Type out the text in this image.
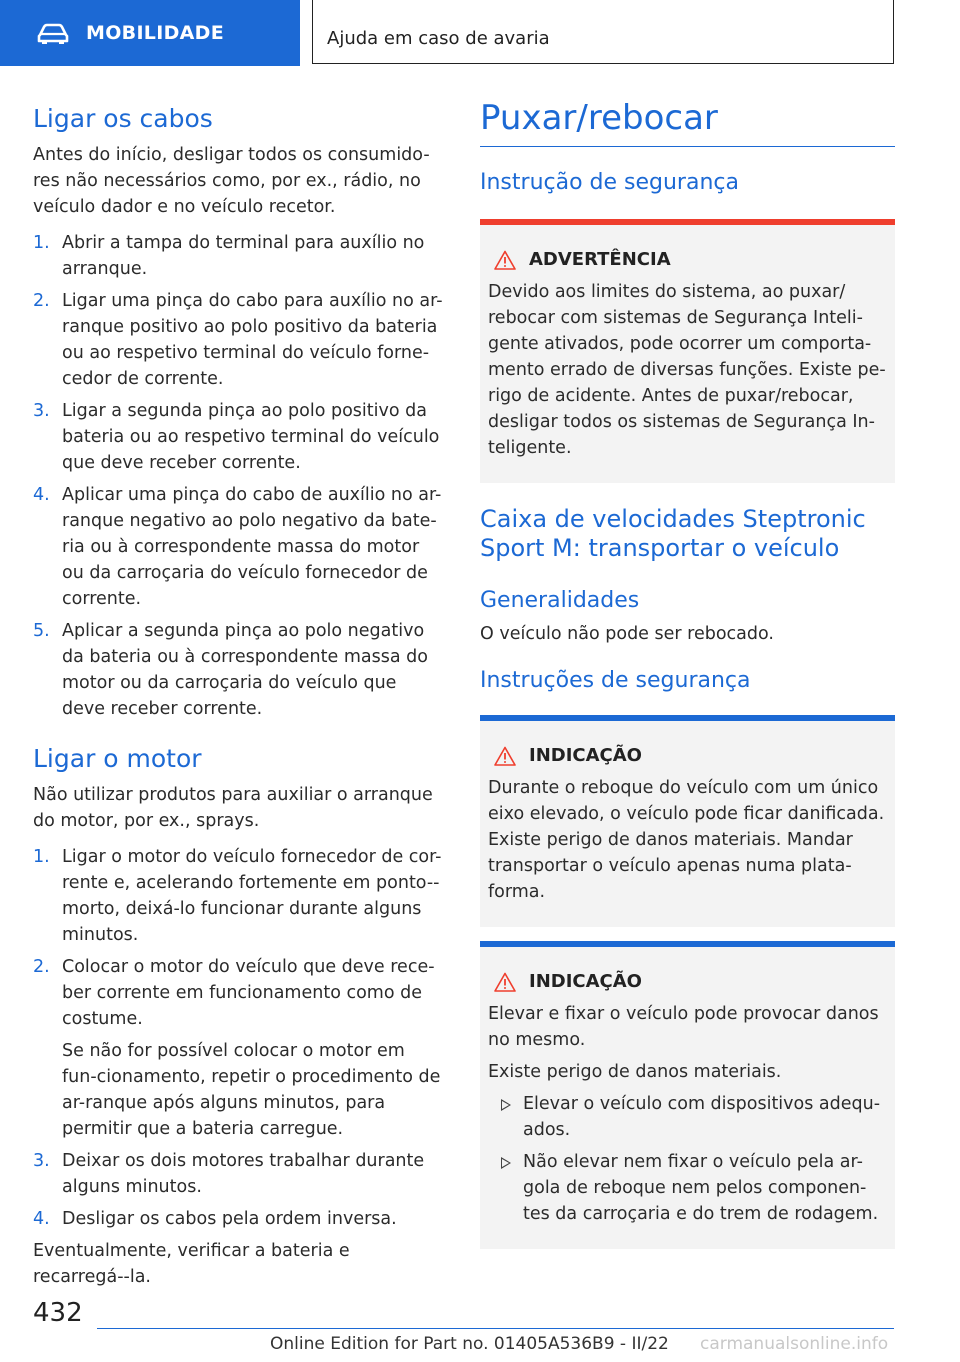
MOBILIDADE	Ajuda em caso de avaria
Ligar os cabos

Antes do início, desligar todos os consumido-res não necessários como, por ex., rádio, no veículo dador e no veículo recetor.

1. Abrir a tampa do terminal para auxílio no arranque.
2. Ligar uma pinça do cabo para auxílio no ar-ranque positivo ao polo positivo da bateria ou ao respetivo terminal do veículo forne-cedor de corrente.
3. Ligar a segunda pinça ao polo positivo da bateria ou ao respetivo terminal do veículo que deve receber corrente.
4. Aplicar uma pinça do cabo de auxílio no ar-ranque negativo ao polo negativo da bate-ria ou à correspondente massa do motor ou da carroçaria do veículo fornecedor de corrente.
5. Aplicar a segunda pinça ao polo negativo da bateria ou à correspondente massa do motor ou da carroçaria do veículo que deve receber corrente.
Ligar o motor

Não utilizar produtos para auxiliar o arranque do motor, por ex., sprays.

1. Ligar o motor do veículo fornecedor de cor-rente e, acelerando fortemente em ponto--morto, deixá-lo funcionar durante alguns minutos.
2. Colocar o motor do veículo que deve rece-ber corrente em funcionamento como de costume.
Se não for possível colocar o motor em fun-cionamento, repetir o procedimento de ar-ranque após alguns minutos, para permitir que a bateria carregue.
3. Deixar os dois motores trabalhar durante alguns minutos.
4. Desligar os cabos pela ordem inversa.

Eventualmente, verificar a bateria e recarregá--la.

Puxar/rebocar
Instrução de segurança
ADVERTÊNCIA

Devido aos limites do sistema, ao puxar/ rebocar com sistemas de Segurança Inteli-gente ativados, pode ocorrer um comporta-mento errado de diversas funções. Existe pe-rigo de acidente. Antes de puxar/rebocar, desligar todos os sistemas de Segurança In-teligente.

Caixa de velocidades Steptronic Sport M: transportar o veículo
Generalidades

O veículo não pode ser rebocado.

Instruções de segurança
INDICAÇÃO

Durante o reboque do veículo com um único eixo elevado, o veículo pode ficar danificada. Existe perigo de danos materiais. Mandar transportar o veículo apenas numa plata-forma.

INDICAÇÃO

Elevar e fixar o veículo pode provocar danos no mesmo.

Existe perigo de danos materiais.

Elevar o veículo com dispositivos adequ-ados.
Não elevar nem fixar o veículo pela ar-gola de reboque nem pelos componen-tes da carroçaria e do trem de rodagem.
432
Online Edition for Part no. 01405A536B9 - II/22 carmanualsonline.info
